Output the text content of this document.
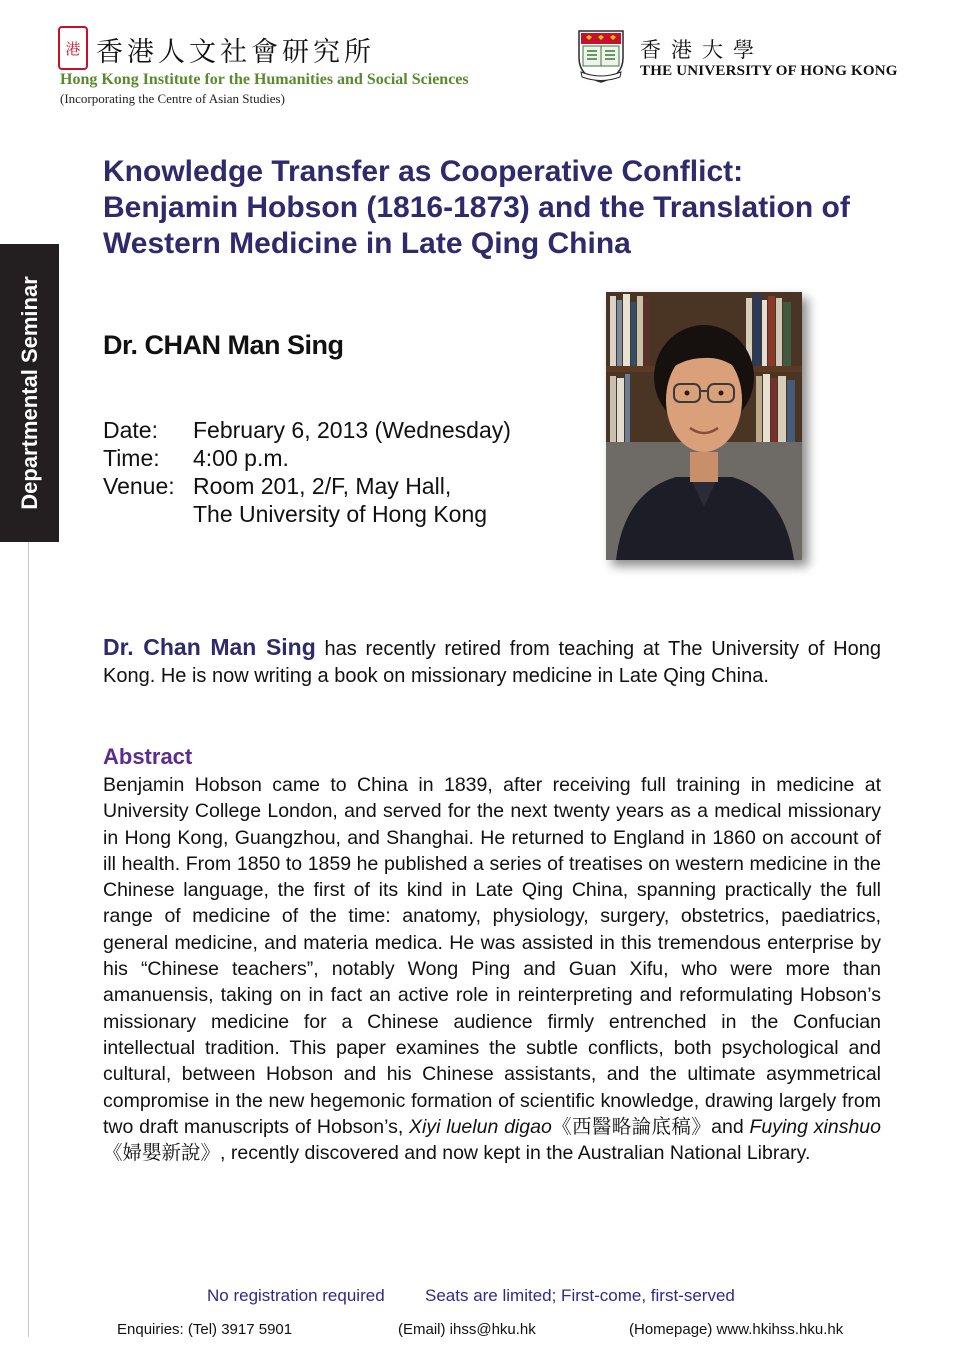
港 香港人文社會研究所
Hong Kong Institute for the Humanities and Social Sciences
(Incorporating the Centre of Asian Studies)
香港大學
THE UNIVERSITY OF HONG KONG
Departmental Seminar
Knowledge Transfer as Cooperative Conflict:
Benjamin Hobson (1816-1873) and the Translation of
Western Medicine in Late Qing China
Dr. CHAN Man Sing
Date: February 6, 2013 (Wednesday)
Time: 4:00 p.m.
Venue: Room 201, 2/F, May Hall,
The University of Hong Kong
Dr. Chan Man Sing has recently retired from teaching at The University of Hong Kong. He is now writing a book on missionary medicine in Late Qing China.
Abstract
Benjamin Hobson came to China in 1839, after receiving full training in medicine at University College London, and served for the next twenty years as a medical missionary in Hong Kong, Guangzhou, and Shanghai. He returned to England in 1860 on account of ill health. From 1850 to 1859 he published a series of treatises on western medicine in the Chinese language, the first of its kind in Late Qing China, spanning practically the full range of medicine of the time: anatomy, physiology, surgery, obstetrics, paediatrics, general medicine, and materia medica. He was assisted in this tremendous enterprise by his “Chinese teachers”, notably Wong Ping and Guan Xifu, who were more than amanuensis, taking on in fact an active role in reinterpreting and reformulating Hobson’s missionary medicine for a Chinese audience firmly entrenched in the Confucian intellectual tradition. This paper examines the subtle conflicts, both psychological and cultural, between Hobson and his Chinese assistants, and the ultimate asymmetrical compromise in the new hegemonic formation of scientific knowledge, drawing largely from two draft manuscripts of Hobson’s, Xiyi luelun digao《西醫略論底稿》and Fuying xinshuo《婦嬰新說》, recently discovered and now kept in the Australian National Library.
No registration required Seats are limited; First-come, first-served
Enquiries: (Tel) 3917 5901	(Email) ihss@hku.hk	(Homepage) www.hkihss.hku.hk
